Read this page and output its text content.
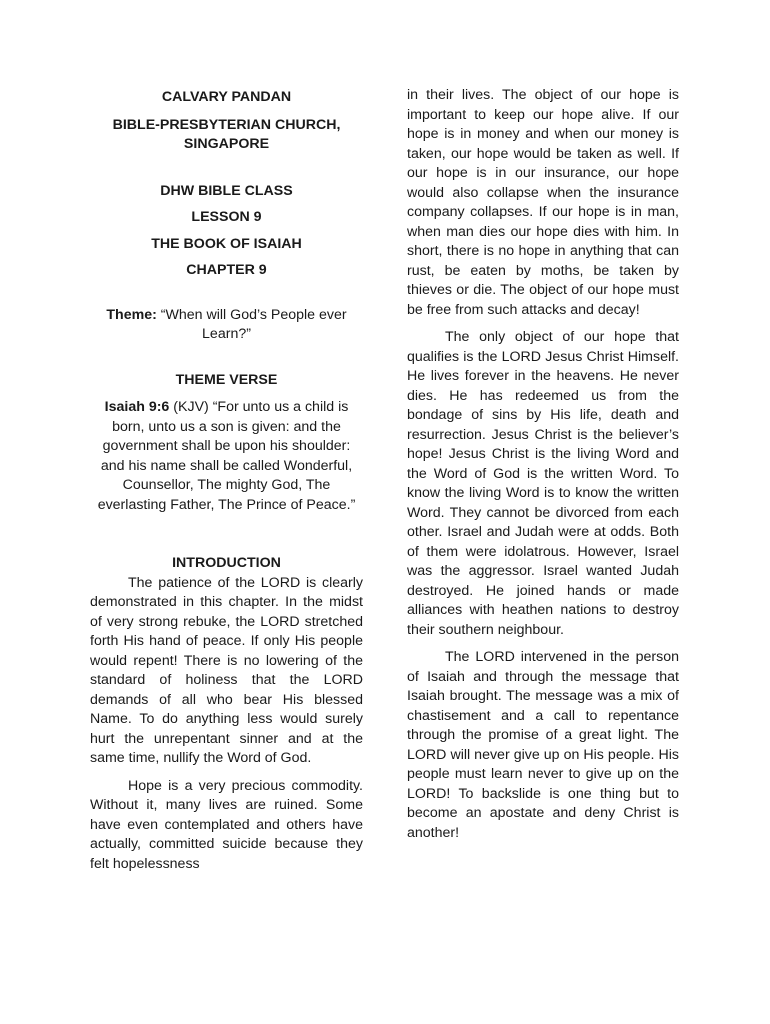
CALVARY PANDAN

BIBLE-PRESBYTERIAN CHURCH,

SINGAPORE

DHW BIBLE CLASS

LESSON 9

THE BOOK OF ISAIAH

CHAPTER 9

Theme: “When will God’s People ever Learn?”

THEME VERSE

Isaiah 9:6 (KJV) “For unto us a child is born, unto us a son is given: and the government shall be upon his shoulder: and his name shall be called Wonderful, Counsellor, The mighty God, The everlasting Father, The Prince of Peace.”

INTRODUCTION

The patience of the LORD is clearly demonstrated in this chapter. In the midst of very strong rebuke, the LORD stretched forth His hand of peace. If only His people would repent! There is no lowering of the standard of holiness that the LORD demands of all who bear His blessed Name. To do anything less would surely hurt the unrepentant sinner and at the same time, nullify the Word of God.

Hope is a very precious commodity. Without it, many lives are ruined. Some have even contemplated and others have actually, committed suicide because they felt hopelessness

in their lives. The object of our hope is important to keep our hope alive. If our hope is in money and when our money is taken, our hope would be taken as well. If our hope is in our insurance, our hope would also collapse when the insurance company collapses. If our hope is in man, when man dies our hope dies with him. In short, there is no hope in anything that can rust, be eaten by moths, be taken by thieves or die. The object of our hope must be free from such attacks and decay!

The only object of our hope that qualifies is the LORD Jesus Christ Himself. He lives forever in the heavens. He never dies. He has redeemed us from the bondage of sins by His life, death and resurrection. Jesus Christ is the believer’s hope! Jesus Christ is the living Word and the Word of God is the written Word. To know the living Word is to know the written Word. They cannot be divorced from each other. Israel and Judah were at odds. Both of them were idolatrous. However, Israel was the aggressor. Israel wanted Judah destroyed. He joined hands or made alliances with heathen nations to destroy their southern neighbour.

The LORD intervened in the person of Isaiah and through the message that Isaiah brought. The message was a mix of chastisement and a call to repentance through the promise of a great light. The LORD will never give up on His people. His people must learn never to give up on the LORD! To backslide is one thing but to become an apostate and deny Christ is another!
